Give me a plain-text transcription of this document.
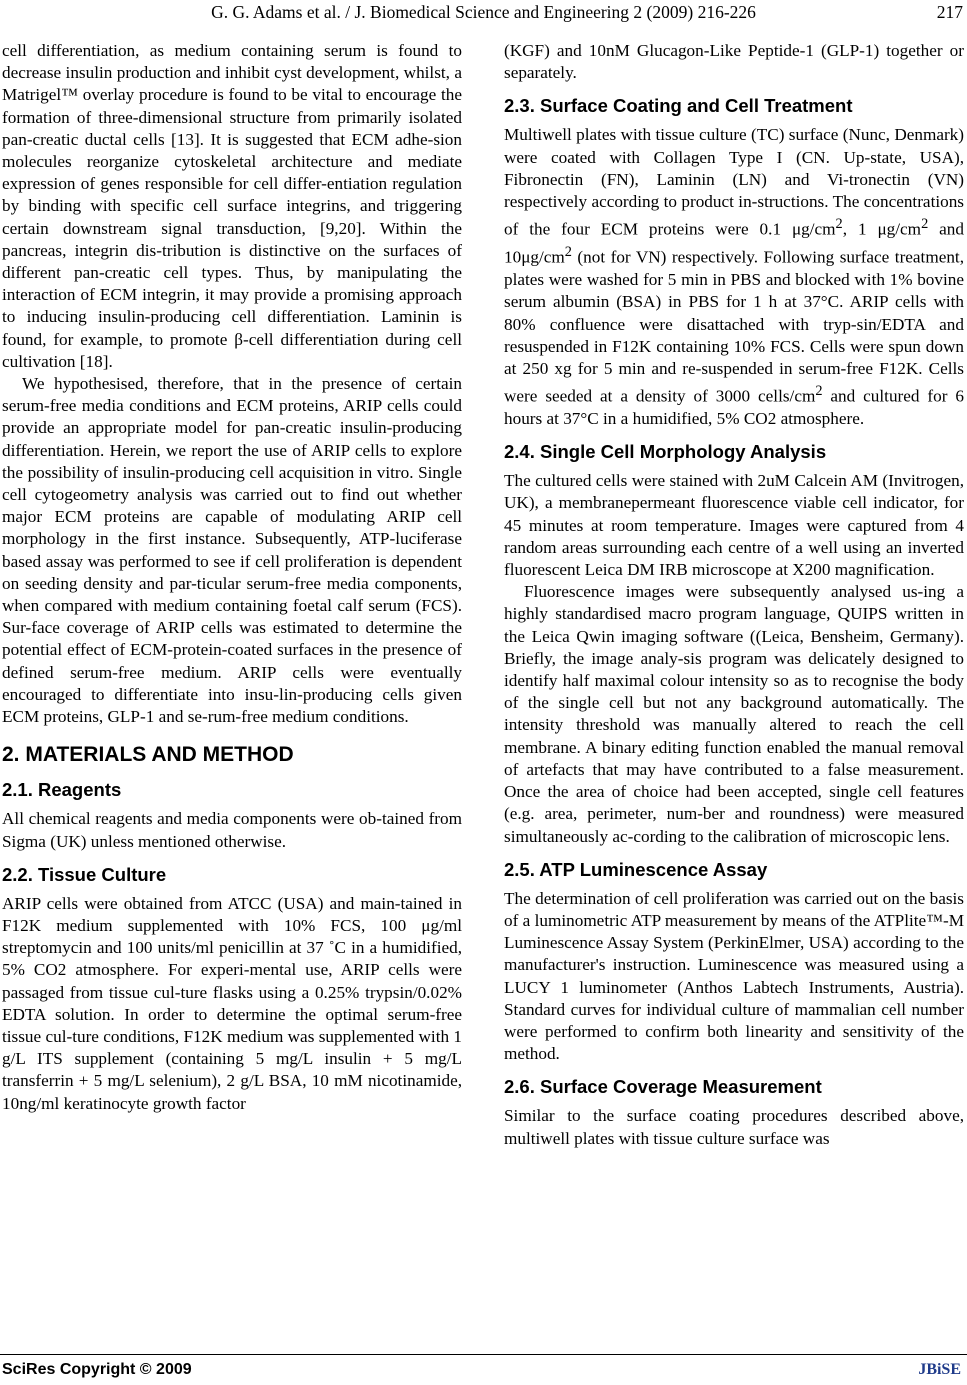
G. G. Adams et al. / J. Biomedical Science and Engineering 2 (2009) 216-226	217

cell differentiation, as medium containing serum is found to decrease insulin production and inhibit cyst development, whilst, a Matrigel™ overlay procedure is found to be vital to encourage the formation of three-dimensional structure from primarily isolated pan-creatic ductal cells [13]. It is suggested that ECM adhe-sion molecules reorganize cytoskeletal architecture and mediate expression of genes responsible for cell differ-entiation regulation by binding with specific cell surface integrins, and triggering certain downstream signal transduction, [9,20]. Within the pancreas, integrin dis-tribution is distinctive on the surfaces of different pan-creatic cell types. Thus, by manipulating the interaction of ECM integrin, it may provide a promising approach to inducing insulin-producing cell differentiation. Laminin is found, for example, to promote β-cell differentiation during cell cultivation [18].

We hypothesised, therefore, that in the presence of certain serum-free media conditions and ECM proteins, ARIP cells could provide an appropriate model for pan-creatic insulin-producing differentiation. Herein, we report the use of ARIP cells to explore the possibility of insulin-producing cell acquisition in vitro. Single cell cytogeometry analysis was carried out to find out whether major ECM proteins are capable of modulating ARIP cell morphology in the first instance. Subsequently, ATP-luciferase based assay was performed to see if cell proliferation is dependent on seeding density and par-ticular serum-free media components, when compared with medium containing foetal calf serum (FCS). Sur-face coverage of ARIP cells was estimated to determine the potential effect of ECM-protein-coated surfaces in the presence of defined serum-free medium. ARIP cells were eventually encouraged to differentiate into insu-lin-producing cells given ECM proteins, GLP-1 and se-rum-free medium conditions.

2. MATERIALS AND METHOD
2.1. Reagents

All chemical reagents and media components were ob-tained from Sigma (UK) unless mentioned otherwise.

2.2. Tissue Culture

ARIP cells were obtained from ATCC (USA) and main-tained in F12K medium supplemented with 10% FCS, 100 μg/ml streptomycin and 100 units/ml penicillin at 37 ˚C in a humidified, 5% CO2 atmosphere. For experi-mental use, ARIP cells were passaged from tissue cul-ture flasks using a 0.25% trypsin/0.02% EDTA solution. In order to determine the optimal serum-free tissue cul-ture conditions, F12K medium was supplemented with 1 g/L ITS supplement (containing 5 mg/L insulin + 5 mg/L transferrin + 5 mg/L selenium), 2 g/L BSA, 10 mM nicotinamide, 10ng/ml keratinocyte growth factor

(KGF) and 10nM Glucagon-Like Peptide-1 (GLP-1) together or separately.

2.3. Surface Coating and Cell Treatment

Multiwell plates with tissue culture (TC) surface (Nunc, Denmark) were coated with Collagen Type I (CN. Up-state, USA), Fibronectin (FN), Laminin (LN) and Vi-tronectin (VN) respectively according to product in-structions. The concentrations of the four ECM proteins were 0.1 $\mu g/cm^2$, 1 $\mu g/cm^2$ and $10\mu g/cm^2$ (not for VN) respectively. Following surface treatment, plates were washed for 5 min in PBS and blocked with 1% bovine serum albumin (BSA) in PBS for 1 h at 37°C. ARIP cells with 80% confluence were disattached with tryp-sin/EDTA and resuspended in F12K containing 10% FCS. Cells were spun down at 250 xg for 5 min and re-suspended in serum-free F12K. Cells were seeded at a density of 3000 cells/$cm^2$ and cultured for 6 hours at 37°C in a humidified, 5% CO2 atmosphere.

2.4. Single Cell Morphology Analysis

The cultured cells were stained with 2uM Calcein AM (Invitrogen, UK), a membranepermeant fluorescence viable cell indicator, for 45 minutes at room temperature. Images were captured from 4 random areas surrounding each centre of a well using an inverted fluorescent Leica DM IRB microscope at X200 magnification.

Fluorescence images were subsequently analysed us-ing a highly standardised macro program language, QUIPS written in the Leica Qwin imaging software ((Leica, Bensheim, Germany). Briefly, the image analy-sis program was delicately designed to identify half maximal colour intensity so as to recognise the body of the single cell but not any background automatically. The intensity threshold was manually altered to reach the cell membrane. A binary editing function enabled the manual removal of artefacts that may have contributed to a false measurement. Once the area of choice had been accepted, single cell features (e.g. area, perimeter, num-ber and roundness) were measured simultaneously ac-cording to the calibration of microscopic lens.

2.5. ATP Luminescence Assay

The determination of cell proliferation was carried out on the basis of a luminometric ATP measurement by means of the ATPlite™-M Luminescence Assay System (PerkinElmer, USA) according to the manufacturer's instruction. Luminescence was measured using a LUCY 1 luminometer (Anthos Labtech Instruments, Austria). Standard curves for individual culture of mammalian cell number were performed to confirm both linearity and sensitivity of the method.

2.6. Surface Coverage Measurement

Similar to the surface coating procedures described above, multiwell plates with tissue culture surface was

SciRes Copyright © 2009	JBiSE
